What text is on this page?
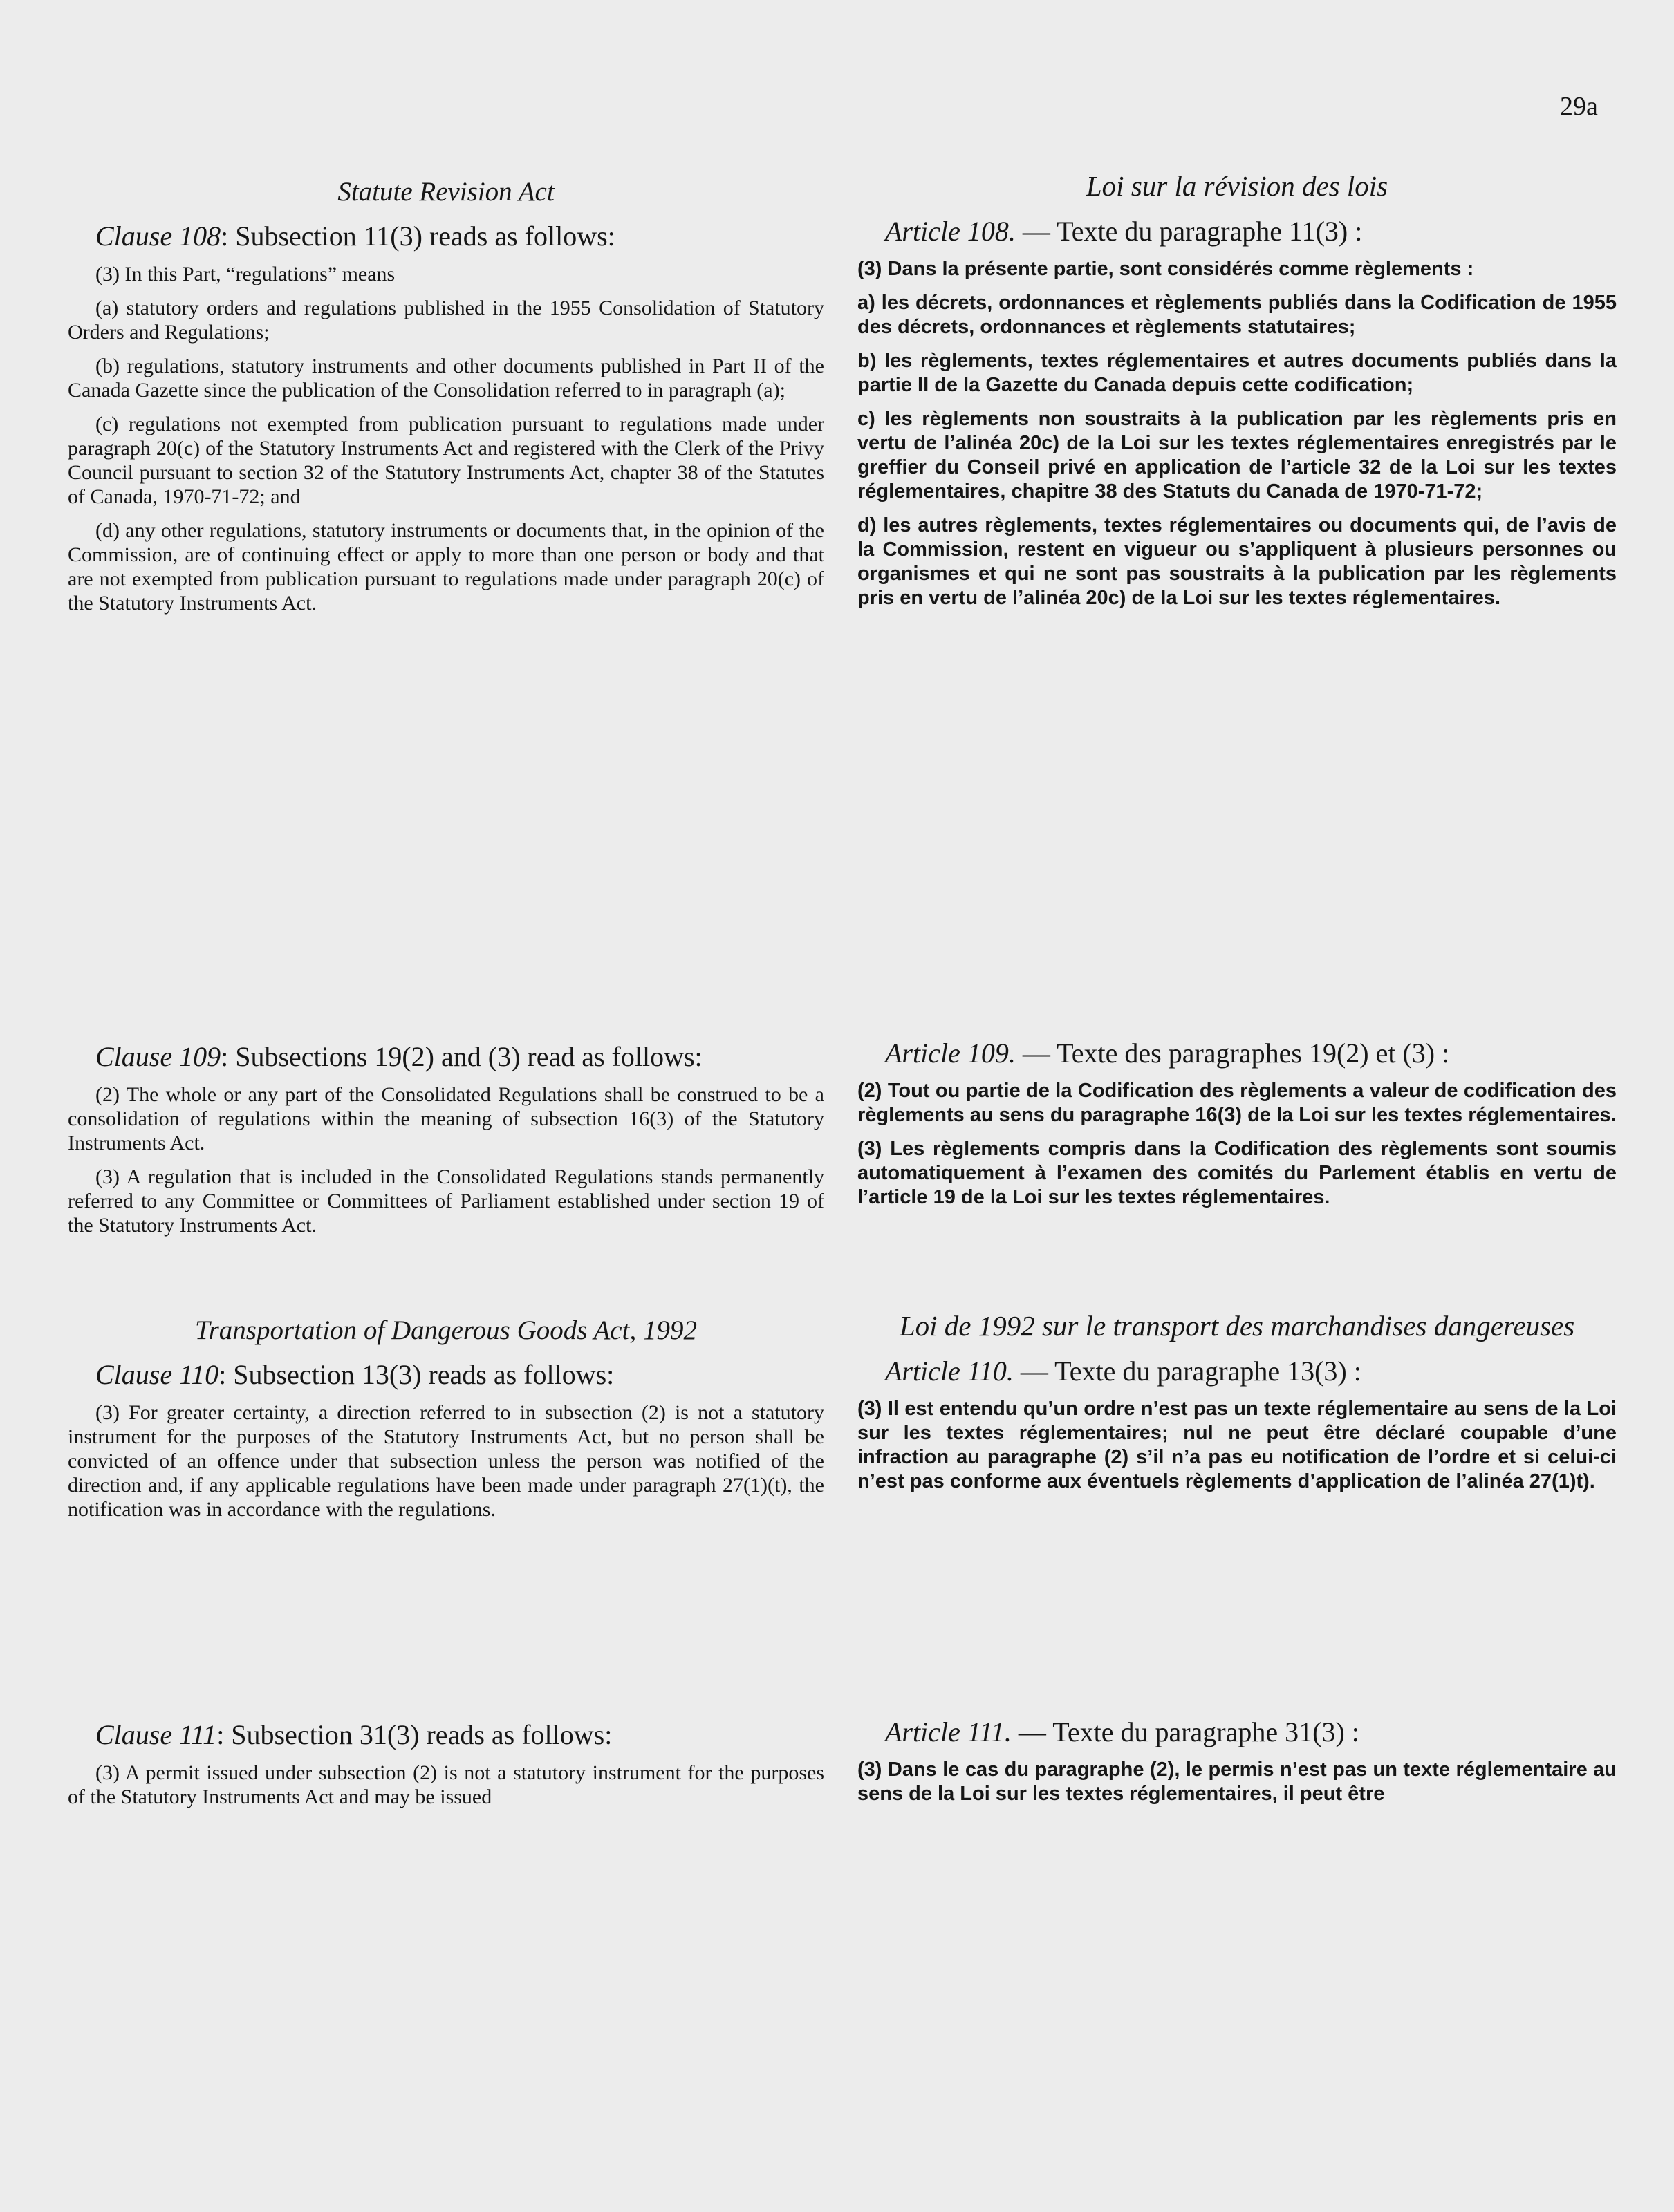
29a
Statute Revision Act
Clause 108: Subsection 11(3) reads as follows:

(3) In this Part, “regulations” means

(a) statutory orders and regulations published in the 1955 Consolidation of Statutory Orders and Regulations;

(b) regulations, statutory instruments and other documents published in Part II of the Canada Gazette since the publication of the Consolidation referred to in paragraph (a);

(c) regulations not exempted from publication pursuant to regulations made under paragraph 20(c) of the Statutory Instruments Act and registered with the Clerk of the Privy Council pursuant to section 32 of the Statutory Instruments Act, chapter 38 of the Statutes of Canada, 1970-71-72; and

(d) any other regulations, statutory instruments or documents that, in the opinion of the Commission, are of continuing effect or apply to more than one person or body and that are not exempted from publication pursuant to regulations made under paragraph 20(c) of the Statutory Instruments Act.

Clause 109: Subsections 19(2) and (3) read as follows:

(2) The whole or any part of the Consolidated Regulations shall be construed to be a consolidation of regulations within the meaning of subsection 16(3) of the Statutory Instruments Act.

(3) A regulation that is included in the Consolidated Regulations stands permanently referred to any Committee or Committees of Parliament established under section 19 of the Statutory Instruments Act.

Transportation of Dangerous Goods Act, 1992
Clause 110: Subsection 13(3) reads as follows:

(3) For greater certainty, a direction referred to in subsection (2) is not a statutory instrument for the purposes of the Statutory Instruments Act, but no person shall be convicted of an offence under that subsection unless the person was notified of the direction and, if any applicable regulations have been made under paragraph 27(1)(t), the notification was in accordance with the regulations.

Clause 111: Subsection 31(3) reads as follows:

(3) A permit issued under subsection (2) is not a statutory instrument for the purposes of the Statutory Instruments Act and may be issued

Loi sur la révision des lois
Article 108. — Texte du paragraphe 11(3) :

(3) Dans la présente partie, sont considérés comme règlements :

a) les décrets, ordonnances et règlements publiés dans la Codification de 1955 des décrets, ordonnances et règlements statutaires;

b) les règlements, textes réglementaires et autres documents publiés dans la partie II de la Gazette du Canada depuis cette codification;

c) les règlements non soustraits à la publication par les règlements pris en vertu de l’alinéa 20c) de la Loi sur les textes réglementaires enregistrés par le greffier du Conseil privé en application de l’article 32 de la Loi sur les textes réglementaires, chapitre 38 des Statuts du Canada de 1970-71-72;

d) les autres règlements, textes réglementaires ou documents qui, de l’avis de la Commission, restent en vigueur ou s’appliquent à plusieurs personnes ou organismes et qui ne sont pas soustraits à la publication par les règlements pris en vertu de l’alinéa 20c) de la Loi sur les textes réglementaires.

Article 109. — Texte des paragraphes 19(2) et (3) :

(2) Tout ou partie de la Codification des règlements a valeur de codification des règlements au sens du paragraphe 16(3) de la Loi sur les textes réglementaires.

(3) Les règlements compris dans la Codification des règlements sont soumis automatiquement à l’examen des comités du Parlement établis en vertu de l’article 19 de la Loi sur les textes réglementaires.

Loi de 1992 sur le transport des marchandises dangereuses
Article 110. — Texte du paragraphe 13(3) :

(3) Il est entendu qu’un ordre n’est pas un texte réglementaire au sens de la Loi sur les textes réglementaires; nul ne peut être déclaré coupable d’une infraction au paragraphe (2) s’il n’a pas eu notification de l’ordre et si celui-ci n’est pas conforme aux éventuels règlements d’application de l’alinéa 27(1)t).

Article 111. — Texte du paragraphe 31(3) :

(3) Dans le cas du paragraphe (2), le permis n’est pas un texte réglementaire au sens de la Loi sur les textes réglementaires, il peut être
